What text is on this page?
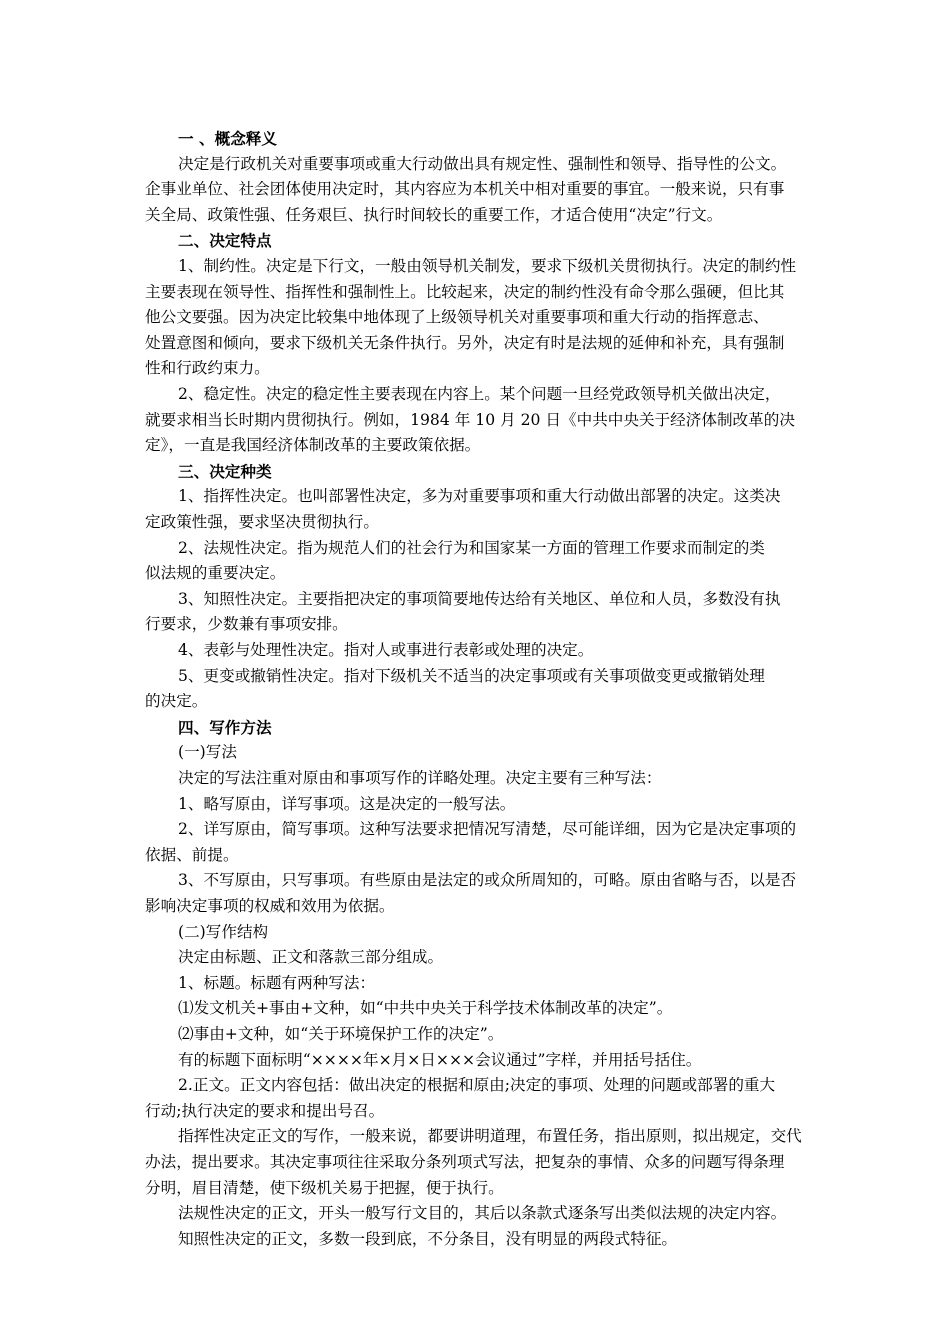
一 、概念释义
决定是行政机关对重要事项或重大行动做出具有规定性、强制性和领导、指导性的公文。
企事业单位、社会团体使用决定时，其内容应为本机关中相对重要的事宜。一般来说，只有事
关全局、政策性强、任务艰巨、执行时间较长的重要工作，才适合使用“决定”行文。
二、决定特点
1、制约性。决定是下行文，一般由领导机关制发，要求下级机关贯彻执行。决定的制约性
主要表现在领导性、指挥性和强制性上。比较起来，决定的制约性没有命令那么强硬，但比其
他公文要强。因为决定比较集中地体现了上级领导机关对重要事项和重大行动的指挥意志、
处置意图和倾向，要求下级机关无条件执行。另外，决定有时是法规的延伸和补充，具有强制
性和行政约束力。
2、稳定性。决定的稳定性主要表现在内容上。某个问题一旦经党政领导机关做出决定，
就要求相当长时期内贯彻执行。例如，1984 年 10 月 20 日《中共中央关于经济体制改革的决
定》，一直是我国经济体制改革的主要政策依据。
三、决定种类
1、指挥性决定。也叫部署性决定，多为对重要事项和重大行动做出部署的决定。这类决
定政策性强，要求坚决贯彻执行。
2、法规性决定。指为规范人们的社会行为和国家某一方面的管理工作要求而制定的类
似法规的重要决定。
3、知照性决定。主要指把决定的事项简要地传达给有关地区、单位和人员，多数没有执
行要求，少数兼有事项安排。
4、表彰与处理性决定。指对人或事进行表彰或处理的决定。
5、更变或撤销性决定。指对下级机关不适当的决定事项或有关事项做变更或撤销处理
的决定。
四、写作方法
(一)写法
决定的写法注重对原由和事项写作的详略处理。决定主要有三种写法：
1、略写原由，详写事项。这是决定的一般写法。
2、详写原由，简写事项。这种写法要求把情况写清楚，尽可能详细，因为它是决定事项的
依据、前提。
3、不写原由，只写事项。有些原由是法定的或众所周知的，可略。原由省略与否，以是否
影响决定事项的权威和效用为依据。
(二)写作结构
决定由标题、正文和落款三部分组成。
1、标题。标题有两种写法：
⑴发文机关+事由+文种，如“中共中央关于科学技术体制改革的决定”。
⑵事由+文种，如“关于环境保护工作的决定”。
有的标题下面标明“××××年×月×日×××会议通过”字样，并用括号括住。
2.正文。正文内容包括：做出决定的根据和原由;决定的事项、处理的问题或部署的重大
行动;执行决定的要求和提出号召。
指挥性决定正文的写作，一般来说，都要讲明道理，布置任务，指出原则，拟出规定，交代
办法，提出要求。其决定事项往往采取分条列项式写法，把复杂的事情、众多的问题写得条理
分明，眉目清楚，使下级机关易于把握，便于执行。
法规性决定的正文，开头一般写行文目的，其后以条款式逐条写出类似法规的决定内容。
知照性决定的正文，多数一段到底，不分条目，没有明显的两段式特征。
